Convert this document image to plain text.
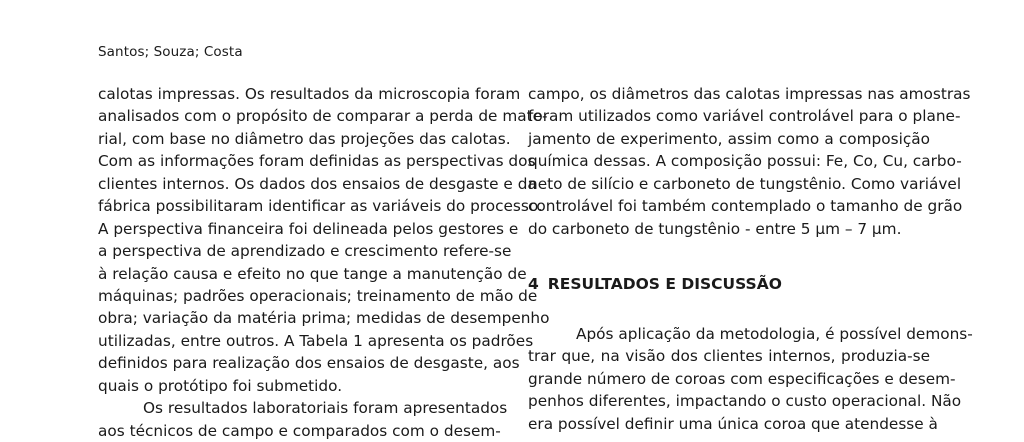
Santos; Souza; Costa
calotas impressas. Os resultados da microscopia foram
analisados com o propósito de comparar a perda de mate-
rial, com base no diâmetro das projeções das calotas.
Com as informações foram definidas as perspectivas dos
clientes internos. Os dados dos ensaios de desgaste e da
fábrica possibilitaram identificar as variáveis do processo.
A perspectiva financeira foi delineada pelos gestores e
a perspectiva de aprendizado e crescimento refere-se
à relação causa e efeito no que tange a manutenção de
máquinas; padrões operacionais; treinamento de mão de
obra; variação da matéria prima; medidas de desempenho
utilizadas, entre outros. A Tabela 1 apresenta os padrões
definidos para realização dos ensaios de desgaste, aos
quais o protótipo foi submetido.
Os resultados laboratoriais foram apresentados
aos técnicos de campo e comparados com o desem-
campo, os diâmetros das calotas impressas nas amostras
foram utilizados como variável controlável para o plane-
jamento de experimento, assim como a composição
química dessas. A composição possui: Fe, Co, Cu, carbo-
neto de silício e carboneto de tungstênio. Como variável
controlável foi também contemplado o tamanho de grão
do carboneto de tungstênio - entre 5 μm – 7 μm.
4 RESULTADOS E DISCUSSÃO
Após aplicação da metodologia, é possível demons-
trar que, na visão dos clientes internos, produzia-se
grande número de coroas com especificações e desem-
penhos diferentes, impactando o custo operacional. Não
era possível definir uma única coroa que atendesse à
